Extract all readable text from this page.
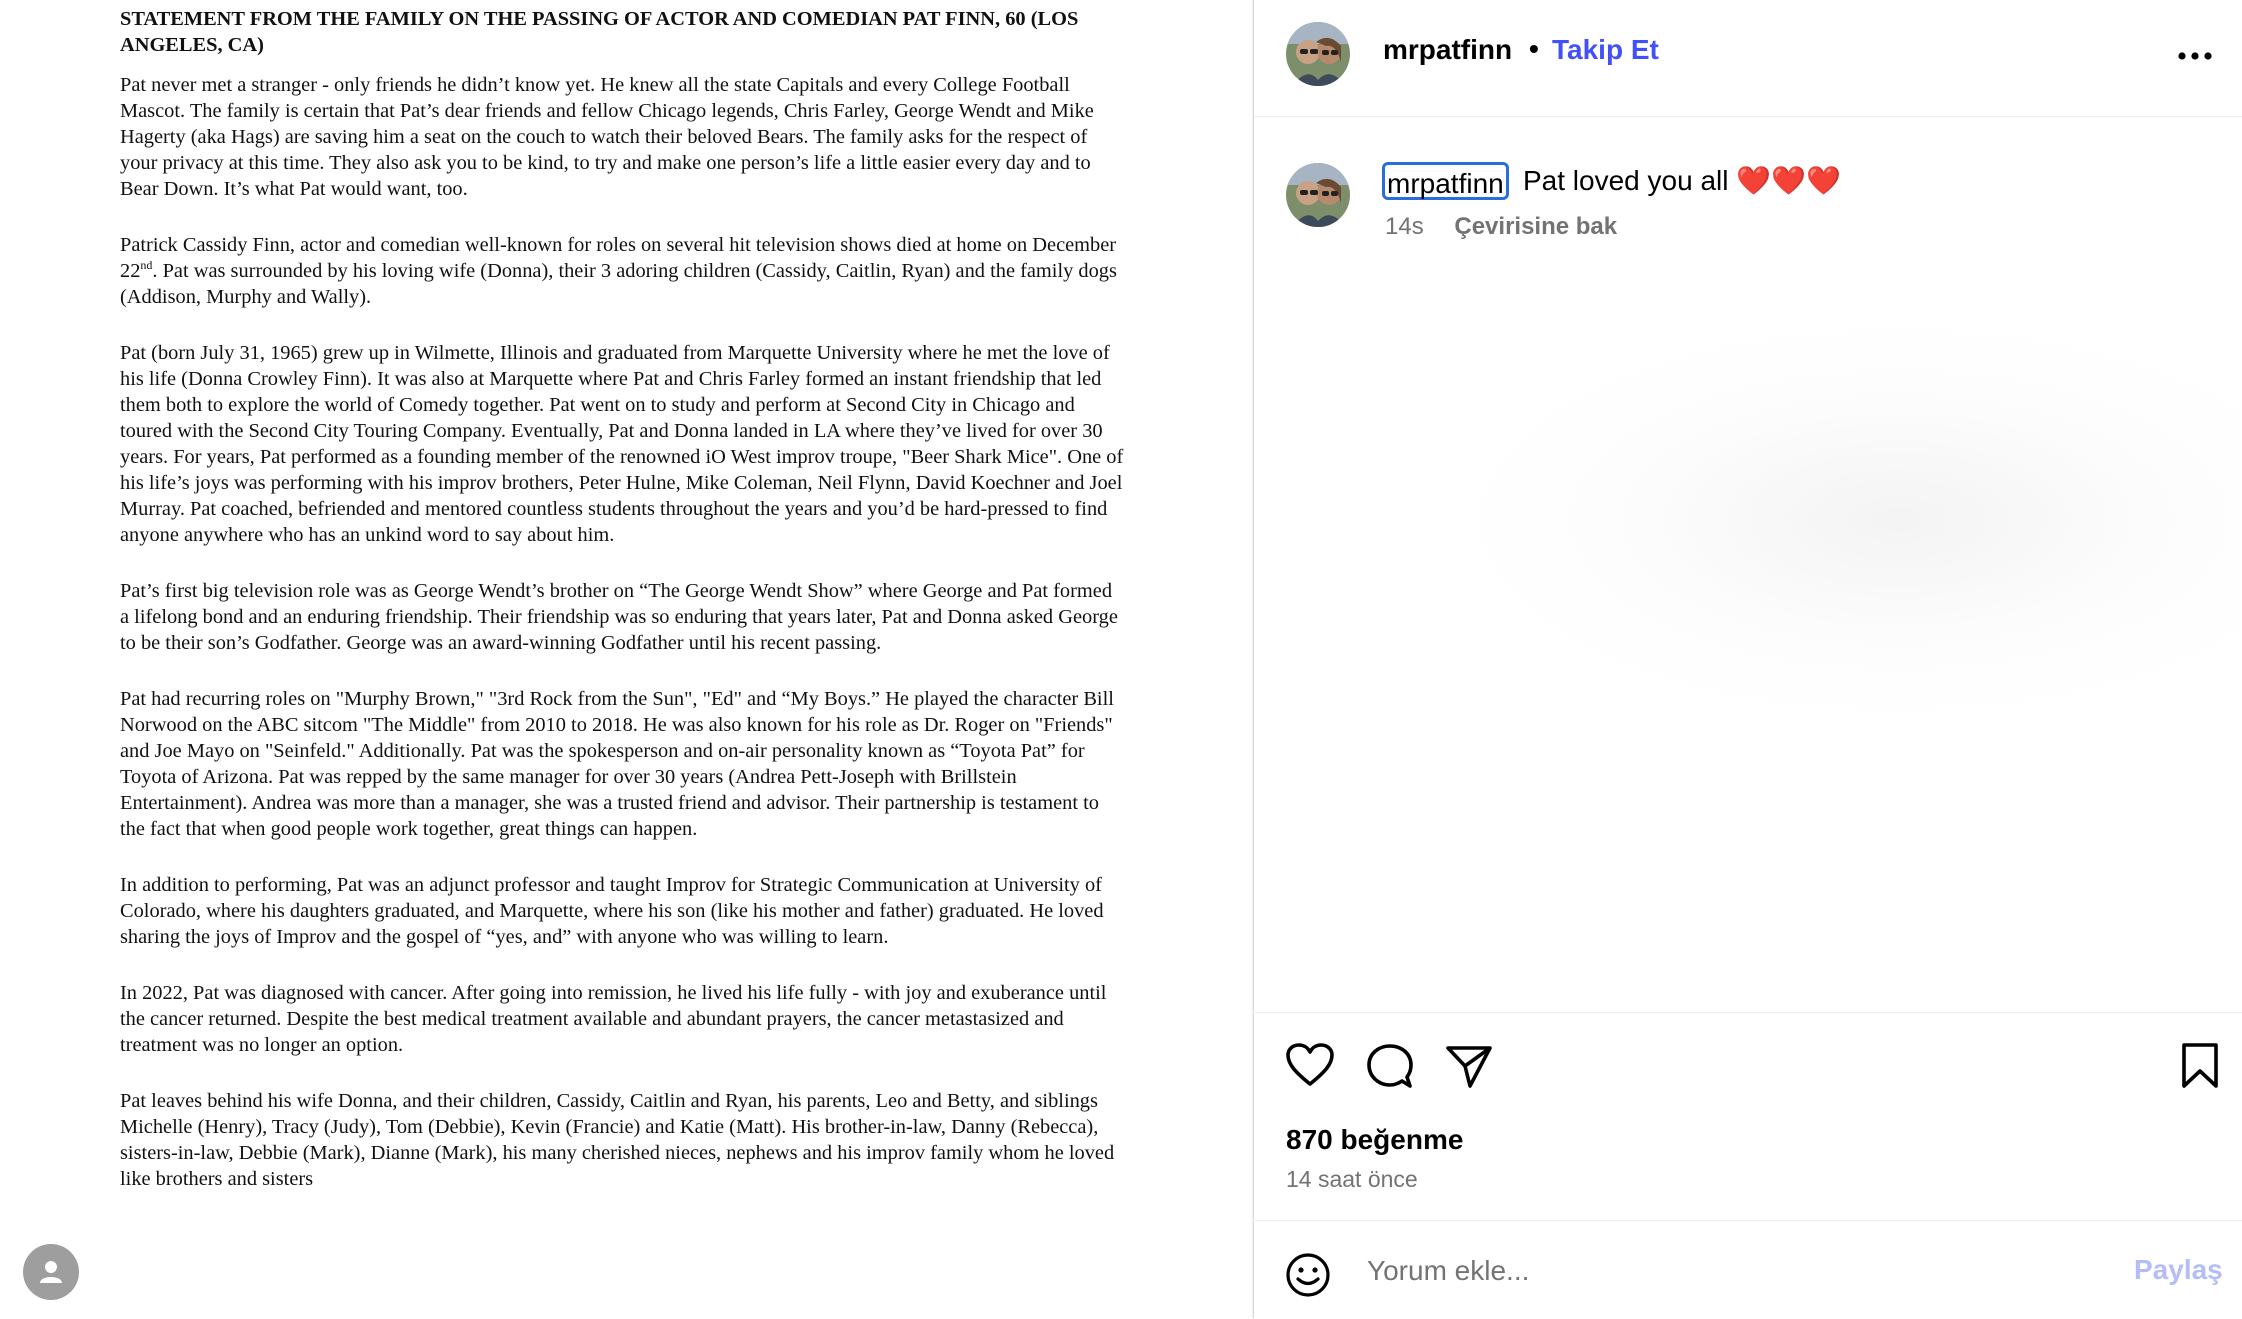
STATEMENT FROM THE FAMILY ON THE PASSING OF ACTOR AND COMEDIAN PAT FINN, 60 (LOS ANGELES, CA)

Pat never met a stranger - only friends he didn’t know yet. He knew all the state Capitals and every College Football Mascot. The family is certain that Pat’s dear friends and fellow Chicago legends, Chris Farley, George Wendt and Mike Hagerty (aka Hags) are saving him a seat on the couch to watch their beloved Bears. The family asks for the respect of your privacy at this time. They also ask you to be kind, to try and make one person’s life a little easier every day and to Bear Down. It’s what Pat would want, too.

Patrick Cassidy Finn, actor and comedian well-known for roles on several hit television shows died at home on December 22nd. Pat was surrounded by his loving wife (Donna), their 3 adoring children (Cassidy, Caitlin, Ryan) and the family dogs (Addison, Murphy and Wally).

Pat (born July 31, 1965) grew up in Wilmette, Illinois and graduated from Marquette University where he met the love of his life (Donna Crowley Finn). It was also at Marquette where Pat and Chris Farley formed an instant friendship that led them both to explore the world of Comedy together. Pat went on to study and perform at Second City in Chicago and toured with the Second City Touring Company. Eventually, Pat and Donna landed in LA where they’ve lived for over 30 years. For years, Pat performed as a founding member of the renowned iO West improv troupe, "Beer Shark Mice". One of his life’s joys was performing with his improv brothers, Peter Hulne, Mike Coleman, Neil Flynn, David Koechner and Joel Murray. Pat coached, befriended and mentored countless students throughout the years and you’d be hard-pressed to find anyone anywhere who has an unkind word to say about him.

Pat’s first big television role was as George Wendt’s brother on “The George Wendt Show” where George and Pat formed a lifelong bond and an enduring friendship. Their friendship was so enduring that years later, Pat and Donna asked George to be their son’s Godfather. George was an award-winning Godfather until his recent passing.

Pat had recurring roles on "Murphy Brown," "3rd Rock from the Sun", "Ed" and “My Boys.” He played the character Bill Norwood on the ABC sitcom "The Middle" from 2010 to 2018. He was also known for his role as Dr. Roger on "Friends" and Joe Mayo on "Seinfeld." Additionally. Pat was the spokesperson and on-air personality known as “Toyota Pat” for Toyota of Arizona. Pat was repped by the same manager for over 30 years (Andrea Pett-Joseph with Brillstein Entertainment). Andrea was more than a manager, she was a trusted friend and advisor. Their partnership is testament to the fact that when good people work together, great things can happen.

In addition to performing, Pat was an adjunct professor and taught Improv for Strategic Communication at University of Colorado, where his daughters graduated, and Marquette, where his son (like his mother and father) graduated. He loved sharing the joys of Improv and the gospel of “yes, and” with anyone who was willing to learn.

In 2022, Pat was diagnosed with cancer. After going into remission, he lived his life fully - with joy and exuberance until the cancer returned. Despite the best medical treatment available and abundant prayers, the cancer metastasized and treatment was no longer an option.

Pat leaves behind his wife Donna, and their children, Cassidy, Caitlin and Ryan, his parents, Leo and Betty, and siblings Michelle (Henry), Tracy (Judy), Tom (Debbie), Kevin (Francie) and Katie (Matt). His brother-in-law, Danny (Rebecca), sisters-in-law, Debbie (Mark), Dianne (Mark), his many cherished nieces, nephews and his improv family whom he loved like brothers and sisters

mrpatfinn • Takip Et
mrpatfinn Pat loved you all ❤️❤️❤️
14s Çevirisine bak
870 beğenme
14 saat önce
Yorum ekle...
Paylaş
